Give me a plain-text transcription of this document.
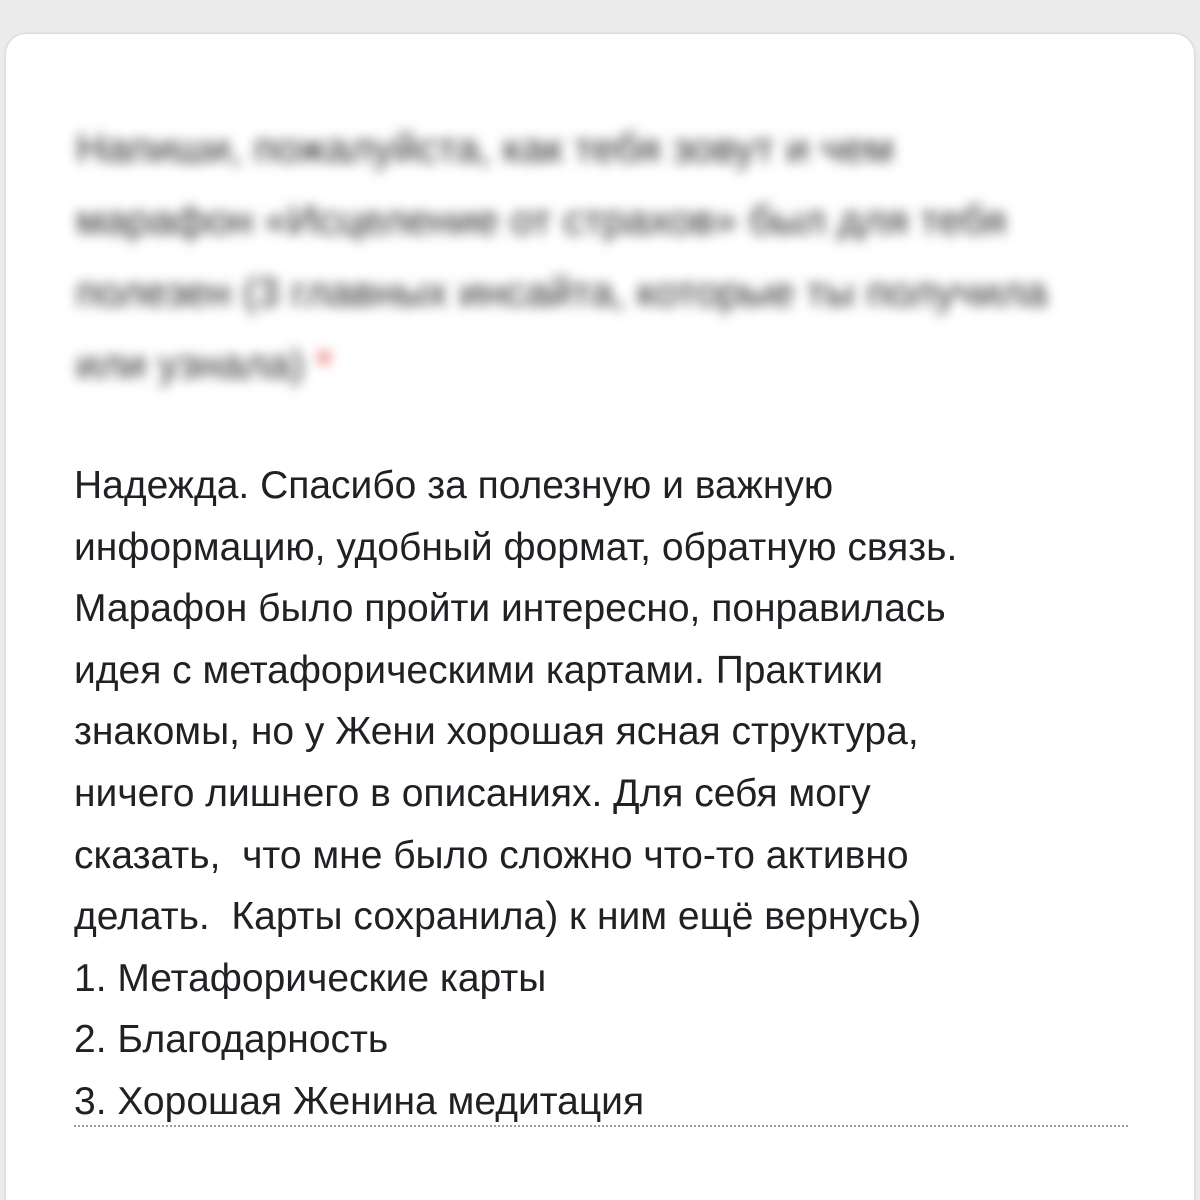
Напиши, пожалуйста, как тебя зовут и чем марафон «Исцеление от страхов» был для тебя полезен (3 главных инсайта, которые ты получила или узнала) *
Надежда. Спасибо за полезную и важную
информацию, удобный формат, обратную связь.
Марафон было пройти интересно, понравилась
идея с метафорическими картами. Практики
знакомы, но у Жени хорошая ясная структура,
ничего лишнего в описаниях. Для себя могу
сказать,  что мне было сложно что-то активно
делать.  Карты сохранила) к ним ещё вернусь)
1. Метафорические карты
2. Благодарность
3. Хорошая Женина медитация
